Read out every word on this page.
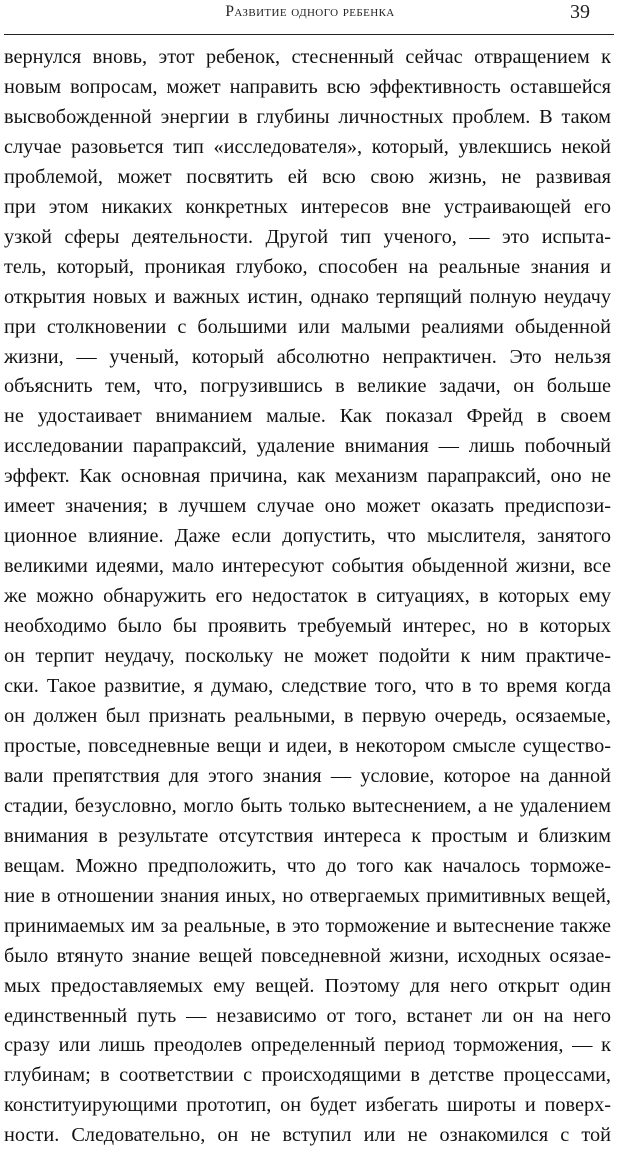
Развитие одного ребенка	39
вернулся вновь, этот ребенок, стесненный сейчас отвращением к
новым вопросам, может направить всю эффективность оставшейся
высвобожденной энергии в глубины личностных проблем. В таком
случае разовьется тип «исследователя», который, увлекшись некой
проблемой, может посвятить ей всю свою жизнь, не развивая
при этом никаких конкретных интересов вне устраивающей его
узкой сферы деятельности. Другой тип ученого, — это испыта-
тель, который, проникая глубоко, способен на реальные знания и
открытия новых и важных истин, однако терпящий полную неудачу
при столкновении с большими или малыми реалиями обыденной
жизни, — ученый, который абсолютно непрактичен. Это нельзя
объяснить тем, что, погрузившись в великие задачи, он больше
не удостаивает вниманием малые. Как показал Фрейд в своем
исследовании парапраксий, удаление внимания — лишь побочный
эффект. Как основная причина, как механизм парапраксий, оно не
имеет значения; в лучшем случае оно может оказать предиспози-
ционное влияние. Даже если допустить, что мыслителя, занятого
великими идеями, мало интересуют события обыденной жизни, все
же можно обнаружить его недостаток в ситуациях, в которых ему
необходимо было бы проявить требуемый интерес, но в которых
он терпит неудачу, поскольку не может подойти к ним практиче-
ски. Такое развитие, я думаю, следствие того, что в то время когда
он должен был признать реальными, в первую очередь, осязаемые,
простые, повседневные вещи и идеи, в некотором смысле существо-
вали препятствия для этого знания — условие, которое на данной
стадии, безусловно, могло быть только вытеснением, а не удалением
внимания в результате отсутствия интереса к простым и близким
вещам. Можно предположить, что до того как началось торможе-
ние в отношении знания иных, но отвергаемых примитивных вещей,
принимаемых им за реальные, в это торможение и вытеснение также
было втянуто знание вещей повседневной жизни, исходных осязае-
мых предоставляемых ему вещей. Поэтому для него открыт один
единственный путь — независимо от того, встанет ли он на него
сразу или лишь преодолев определенный период торможения, — к
глубинам; в соответствии с происходящими в детстве процессами,
конституирующими прототип, он будет избегать широты и поверх-
ности. Следовательно, он не вступил или не ознакомился с той
